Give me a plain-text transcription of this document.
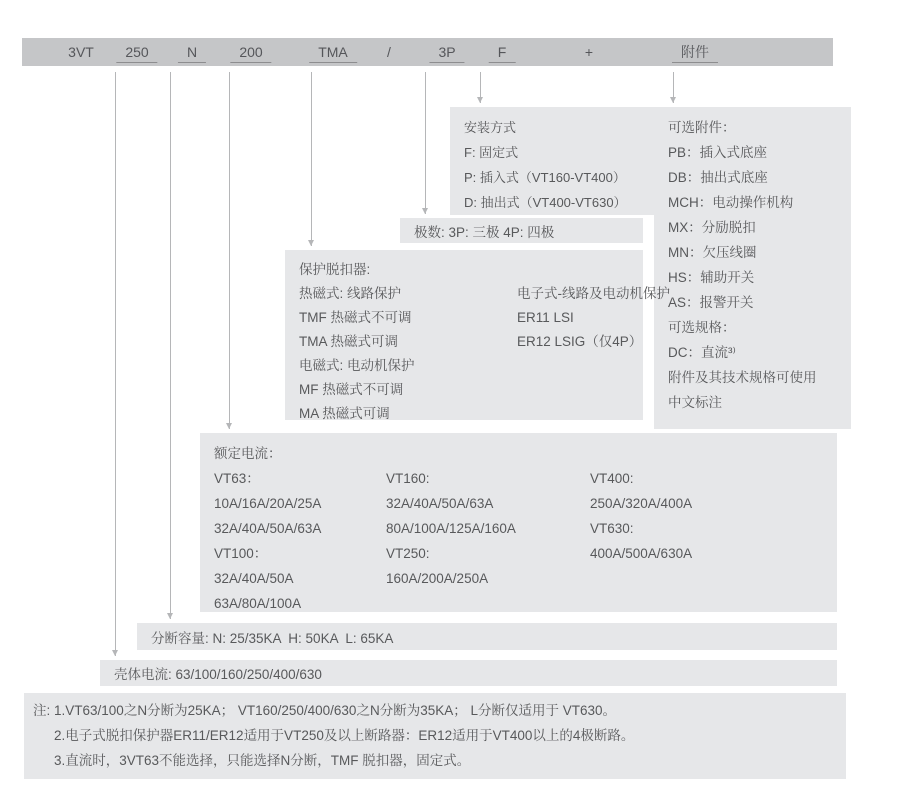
3VT	250	N	200	TMA	/	3P	F	+	附件
安装方式
F: 固定式
P: 插入式（VT160-VT400）
D: 抽出式（VT400-VT630）
可选附件：
PB：插入式底座
DB：抽出式底座
MCH：电动操作机构
MX：分励脱扣
MN：欠压线圈
HS：辅助开关
AS：报警开关
可选规格：
DC：直流³⁾
附件及其技术规格可使用
中文标注
极数: 3P: 三极 4P: 四极
保护脱扣器:
热磁式: 线路保护
TMF 热磁式不可调
TMA 热磁式可调
电磁式: 电动机保护
MF 热磁式不可调
MA 热磁式可调
电子式-线路及电动机保护
ER11 LSI
ER12 LSIG（仅4P）
额定电流：
VT63：
10A/16A/20A/25A
32A/40A/50A/63A
VT100：
32A/40A/50A
63A/80A/100A
VT160:
32A/40A/50A/63A
80A/100A/125A/160A
VT250:
160A/200A/250A
VT400:
250A/320A/400A
VT630:
400A/500A/630A
分断容量: N: 25/35KA  H: 50KA  L: 65KA
壳体电流: 63/100/160/250/400/630
注: 1.VT63/100之N分断为25KA； VT160/250/400/630之N分断为35KA； L分断仅适用于 VT630。
2.电子式脱扣保护器ER11/ER12适用于VT250及以上断路器：ER12适用于VT400以上的4极断路。
3.直流时，3VT63不能选择，只能选择N分断，TMF 脱扣器，固定式。
